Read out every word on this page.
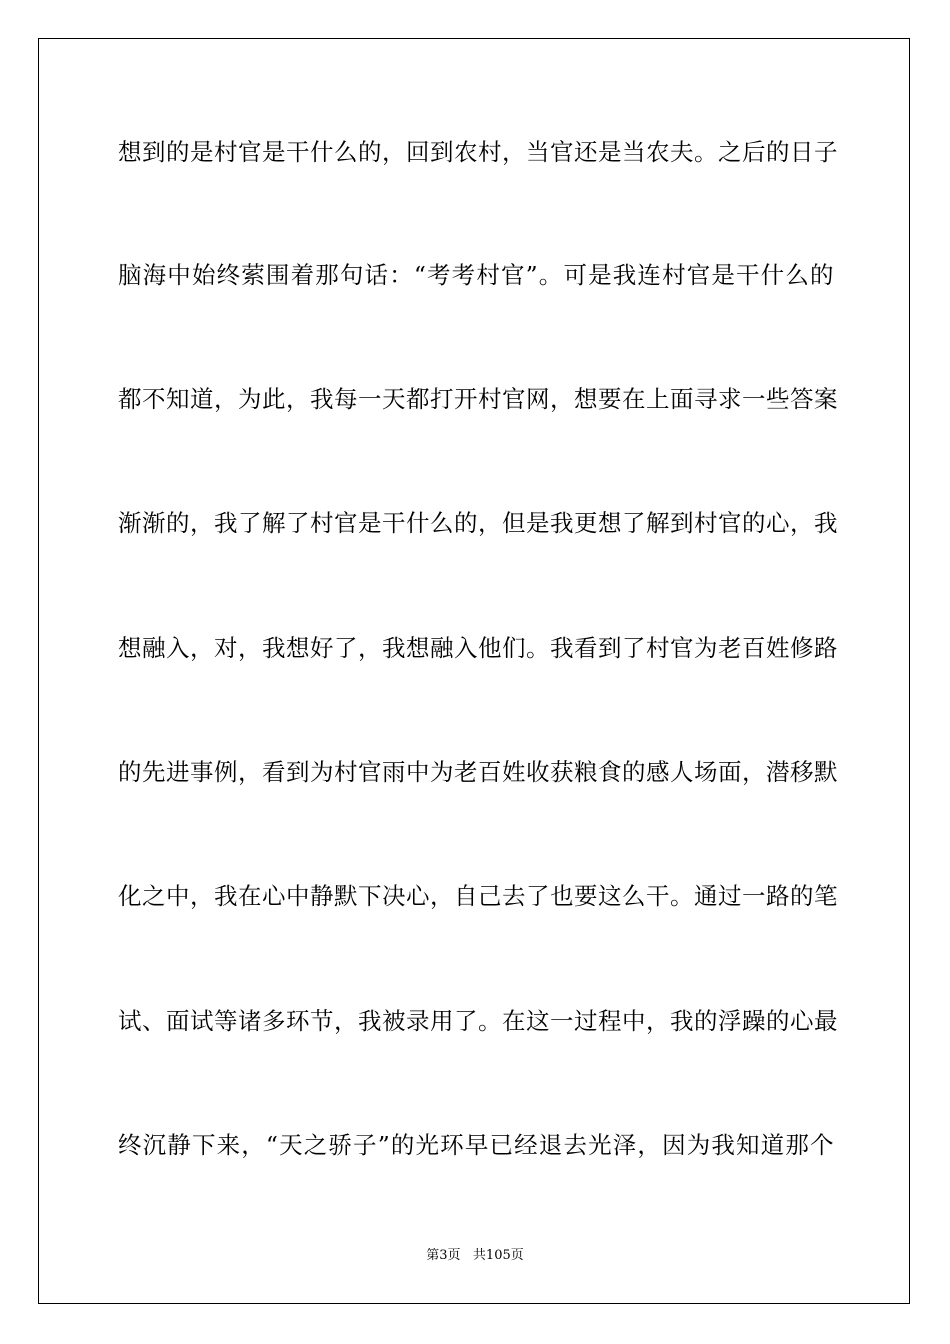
想到的是村官是干什么的，回到农村，当官还是当农夫。之后的日子
脑海中始终萦围着那句话：“考考村官”。可是我连村官是干什么的
都不知道，为此，我每一天都打开村官网，想要在上面寻求一些答案
渐渐的，我了解了村官是干什么的，但是我更想了解到村官的心，我
想融入，对，我想好了，我想融入他们。我看到了村官为老百姓修路
的先进事例，看到为村官雨中为老百姓收获粮食的感人场面，潜移默
化之中，我在心中静默下决心，自己去了也要这么干。通过一路的笔
试、面试等诸多环节，我被录用了。在这一过程中，我的浮躁的心最
终沉静下来，“天之骄子”的光环早已经退去光泽，因为我知道那个
第3页 共105页
